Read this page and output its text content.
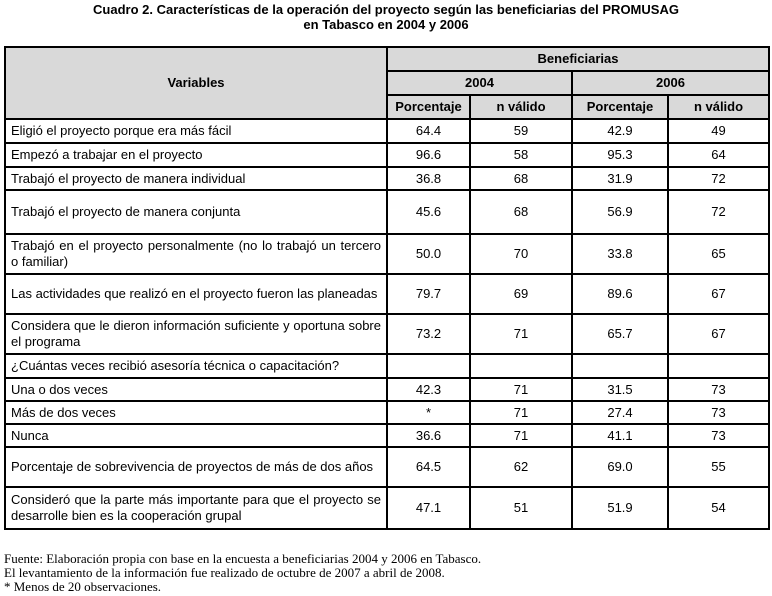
Cuadro 2. Características de la operación del proyecto según las beneficiarias del PROMUSAG
en Tabasco en 2004 y 2006
Variables	Beneficiarias			
	2004		2006	
	Porcentaje	n válido	Porcentaje	n válido
Eligió el proyecto porque era más fácil	64.4	59	42.9	49
Empezó a trabajar en el proyecto	96.6	58	95.3	64
Trabajó el proyecto de manera individual	36.8	68	31.9	72
Trabajó el proyecto de manera conjunta	45.6	68	56.9	72
Trabajó en el proyecto personalmente (no lo trabajó un tercero o familiar)	50.0	70	33.8	65
Las actividades que realizó en el proyecto fueron las planeadas	79.7	69	89.6	67
Considera que le dieron información suficiente y oportuna sobre el programa	73.2	71	65.7	67
¿Cuántas veces recibió asesoría técnica o capacitación?				
Una o dos veces	42.3	71	31.5	73
Más de dos veces	*	71	27.4	73
Nunca	36.6	71	41.1	73
Porcentaje de sobrevivencia de proyectos de más de dos años	64.5	62	69.0	55
Consideró que la parte más importante para que el proyecto se desarrolle bien es la cooperación grupal	47.1	51	51.9	54
Fuente: Elaboración propia con base en la encuesta a beneficiarias 2004 y 2006 en Tabasco.
El levantamiento de la información fue realizado de octubre de 2007 a abril de 2008.
* Menos de 20 observaciones.
